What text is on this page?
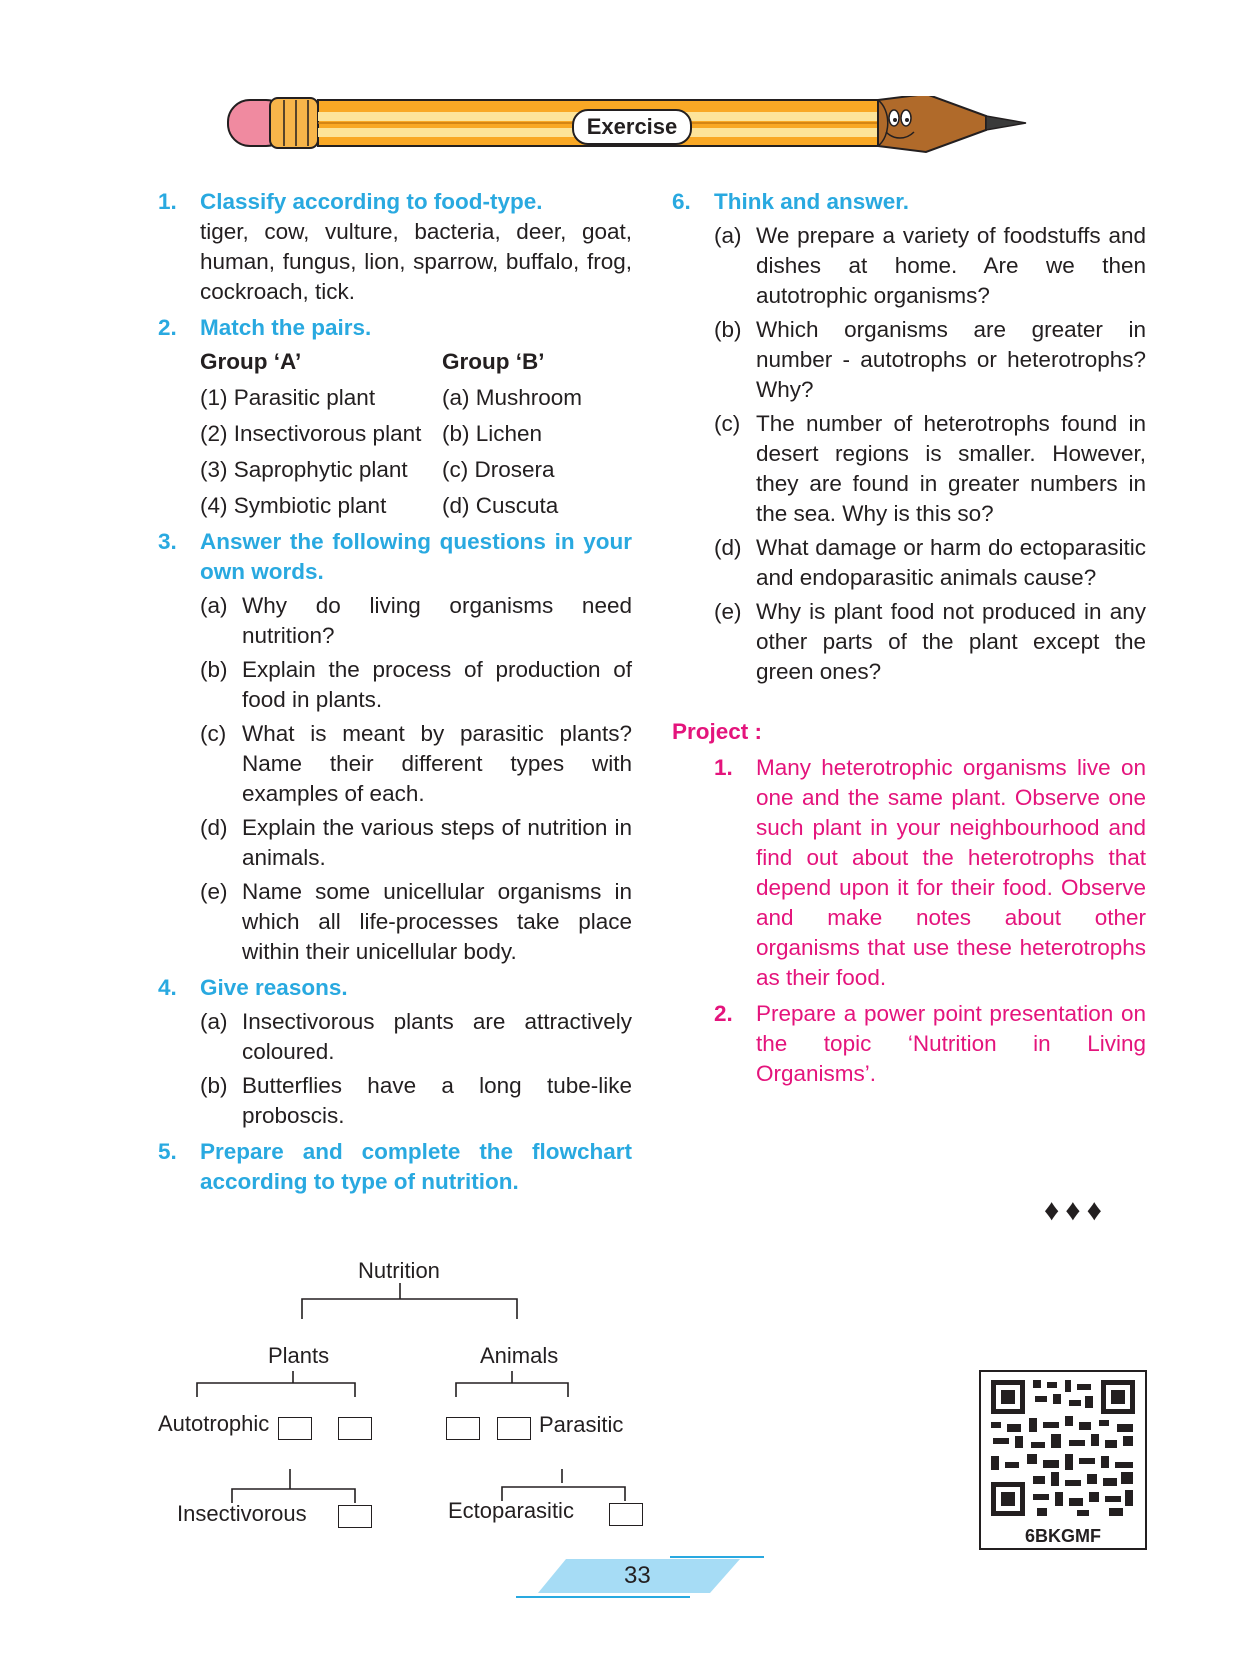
Exercise
1. Classify according to food-type.
tiger, cow, vulture, bacteria, deer, goat, human, fungus, lion, sparrow, buffalo, frog, cockroach, tick.
2. Match the pairs.
Group ‘A’	Group ‘B’
(1) Parasitic plant	(a) Mushroom
(2) Insectivorous plant (b) Lichen
(3) Saprophytic plant	(c) Drosera
(4) Symbiotic plant	(d) Cuscuta
3. Answer the following questions in your own words.
(a) Why do living organisms need nutrition?
(b) Explain the process of production of food in plants.
(c) What is meant by parasitic plants? Name their different types with examples of each.
(d) Explain the various steps of nutrition in animals.
(e) Name some unicellular organisms in which all life-processes take place within their unicellular body.
4. Give reasons.
(a) Insectivorous plants are attractively coloured.
(b) Butterflies have a long tube-like proboscis.
5. Prepare and complete the flowchart according to type of nutrition.
Nutrition
Plants	Animals
Autotrophic	Parasitic
Insectivorous	Ectoparasitic
6. Think and answer.
(a) We prepare a variety of foodstuffs and dishes at home. Are we then autotrophic organisms?
(b) Which organisms are greater in number - autotrophs or heterotrophs? Why?
(c) The number of heterotrophs found in desert regions is smaller. However, they are found in greater numbers in the sea. Why is this so?
(d) What damage or harm do ectoparasitic and endoparasitic animals cause?
(e) Why is plant food not produced in any other parts of the plant except the green ones?
Project :
1. Many heterotrophic organisms live on one and the same plant. Observe one such plant in your neighbourhood and find out about the heterotrophs that depend upon it for their food. Observe and make notes about other organisms that use these heterotrophs as their food.
2. Prepare a power point presentation on the topic ‘Nutrition in Living Organisms’.
♦♦♦
6BKGMF
33
